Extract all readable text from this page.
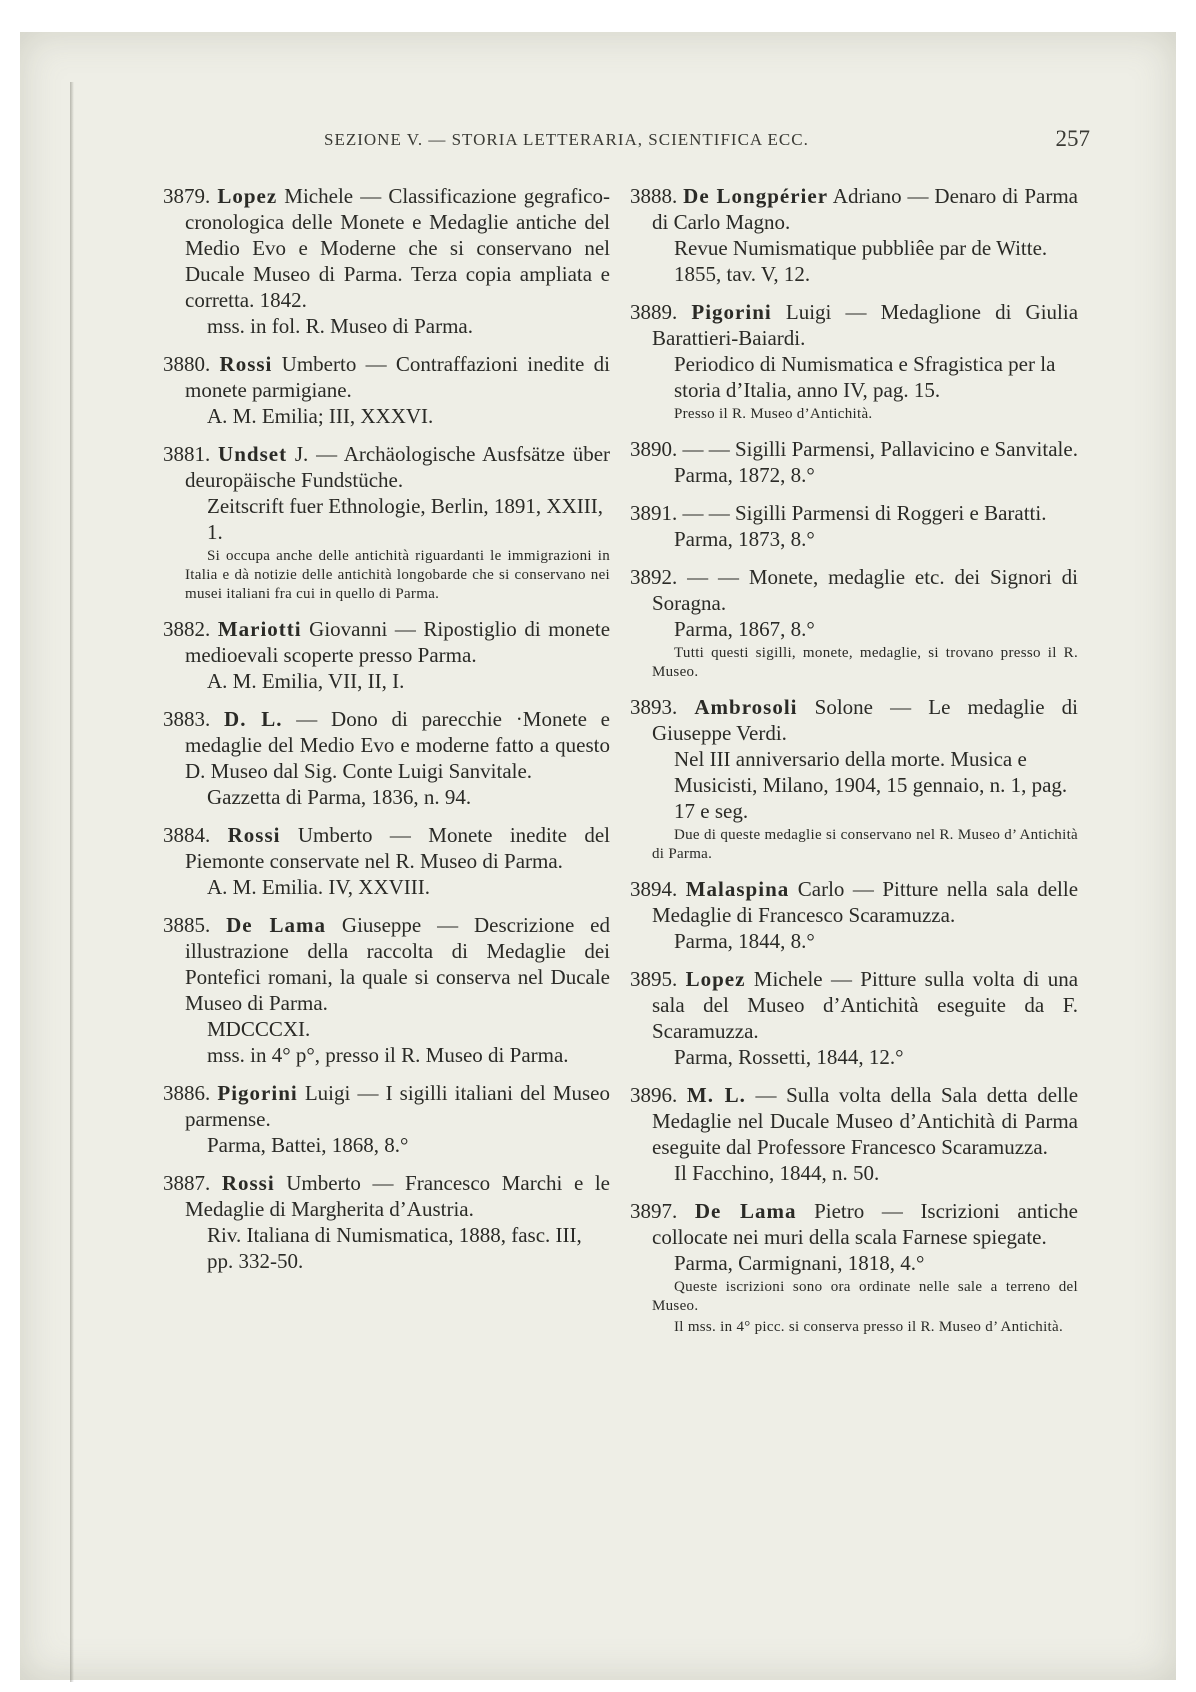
SEZIONE V. — STORIA LETTERARIA, SCIENTIFICA ECC.	257
3879. Lopez Michele — Classificazione gegrafico-cronologica delle Monete e Medaglie antiche del Medio Evo e Moderne che si conservano nel Ducale Museo di Parma. Terza copia ampliata e corretta. 1842.
mss. in fol. R. Museo di Parma.
3880. Rossi Umberto — Contraffazioni inedite di monete parmigiane.
A. M. Emilia; III, XXXVI.
3881. Undset J. — Archäologische Ausfsätze über deuropäische Fundstüche.
Zeitscrift fuer Ethnologie, Berlin, 1891, XXIII, 1.
Si occupa anche delle antichità riguardanti le immigrazioni in Italia e dà notizie delle antichità longobarde che si conservano nei musei italiani fra cui in quello di Parma.
3882. Mariotti Giovanni — Ripostiglio di monete medioevali scoperte presso Parma.
A. M. Emilia, VII, II, I.
3883. D. L. — Dono di parecchie ·Monete e medaglie del Medio Evo e moderne fatto a questo D. Museo dal Sig. Conte Luigi Sanvitale.
Gazzetta di Parma, 1836, n. 94.
3884. Rossi Umberto — Monete inedite del Piemonte conservate nel R. Museo di Parma.
A. M. Emilia. IV, XXVIII.
3885. De Lama Giuseppe — Descrizione ed illustrazione della raccolta di Medaglie dei Pontefici romani, la quale si conserva nel Ducale Museo di Parma.
MDCCCXI.
mss. in 4° p°, presso il R. Museo di Parma.
3886. Pigorini Luigi — I sigilli italiani del Museo parmense.
Parma, Battei, 1868, 8.°
3887. Rossi Umberto — Francesco Marchi e le Medaglie di Margherita d’Austria.
Riv. Italiana di Numismatica, 1888, fasc. III, pp. 332-50.
3888. De Longpérier Adriano — Denaro di Parma di Carlo Magno.
Revue Numismatique pubbliêe par de Witte. 1855, tav. V, 12.
3889. Pigorini Luigi — Medaglione di Giulia Barattieri-Baiardi.
Periodico di Numismatica e Sfragistica per la storia d’Italia, anno IV, pag. 15.
Presso il R. Museo d’Antichità.
3890. — — Sigilli Parmensi, Pallavicino e Sanvitale.
Parma, 1872, 8.°
3891. — — Sigilli Parmensi di Roggeri e Baratti.
Parma, 1873, 8.°
3892. — — Monete, medaglie etc. dei Signori di Soragna.
Parma, 1867, 8.°
Tutti questi sigilli, monete, medaglie, si trovano presso il R. Museo.
3893. Ambrosoli Solone — Le medaglie di Giuseppe Verdi.
Nel III anniversario della morte. Musica e Musicisti, Milano, 1904, 15 gennaio, n. 1, pag. 17 e seg.
Due di queste medaglie si conservano nel R. Museo d’ Antichità di Parma.
3894. Malaspina Carlo — Pitture nella sala delle Medaglie di Francesco Scaramuzza.
Parma, 1844, 8.°
3895. Lopez Michele — Pitture sulla volta di una sala del Museo d’Antichità eseguite da F. Scaramuzza.
Parma, Rossetti, 1844, 12.°
3896. M. L. — Sulla volta della Sala detta delle Medaglie nel Ducale Museo d’Antichità di Parma eseguite dal Professore Francesco Scaramuzza.
Il Facchino, 1844, n. 50.
3897. De Lama Pietro — Iscrizioni antiche collocate nei muri della scala Farnese spiegate.
Parma, Carmignani, 1818, 4.°
Queste iscrizioni sono ora ordinate nelle sale a terreno del Museo.
Il mss. in 4° picc. si conserva presso il R. Museo d’ Antichità.
